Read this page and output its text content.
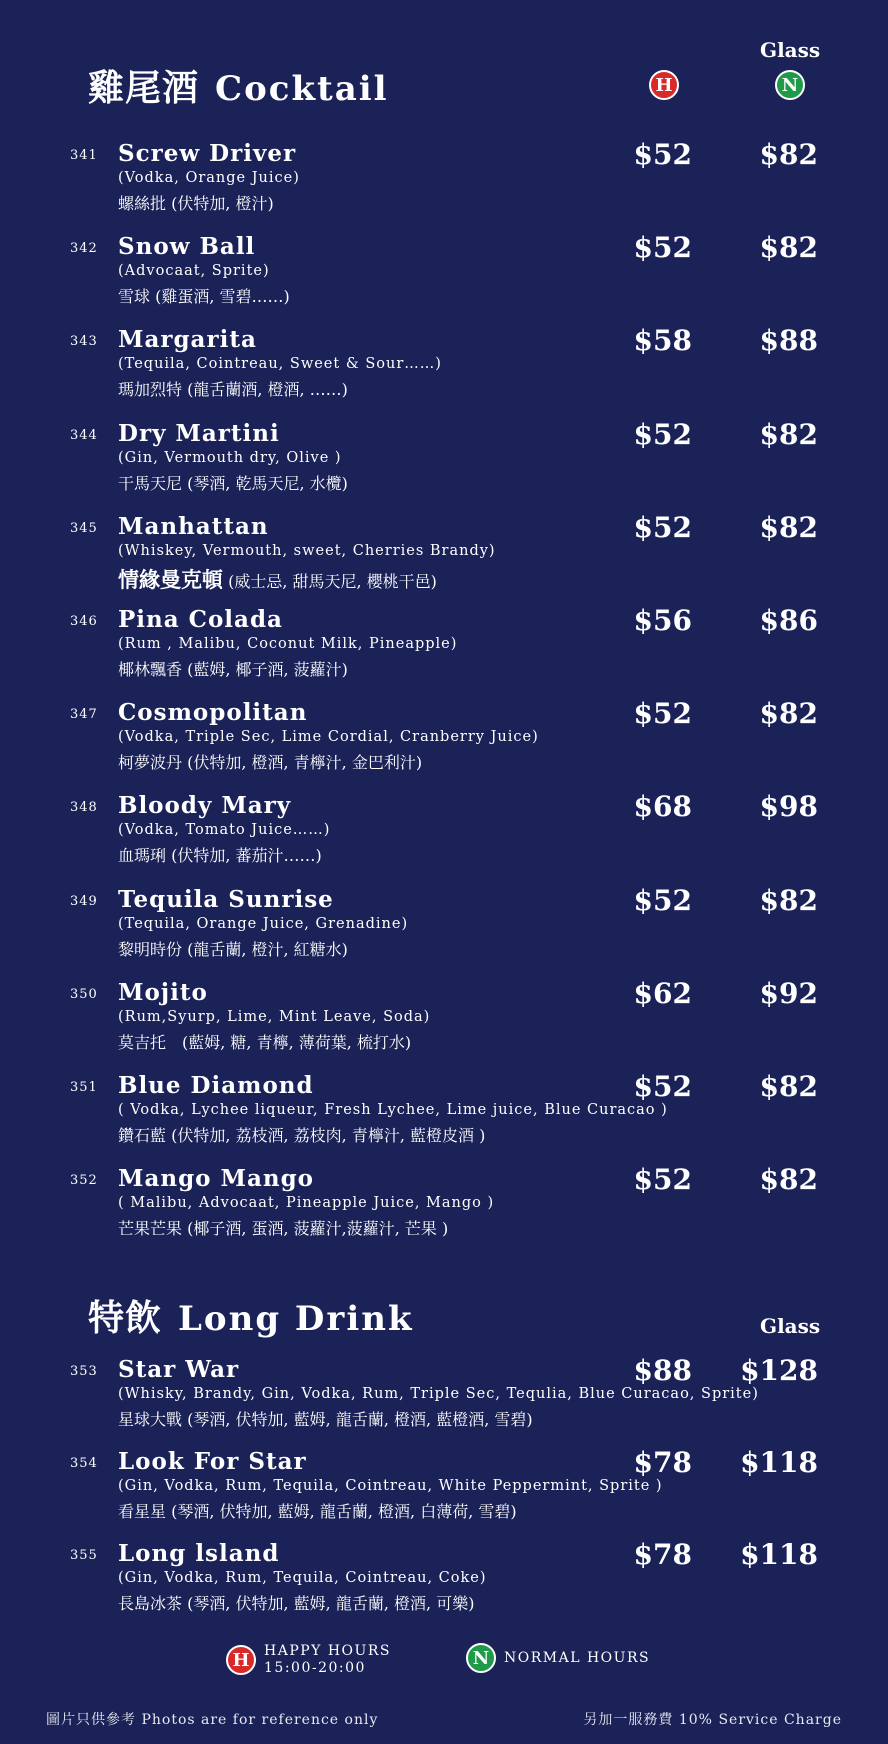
雞尾酒 Cocktail
Glass
H	N
341 Screw Driver
(Vodka, Orange Juice)
螺絲批 (伏特加, 橙汁)
$52 $82
342 Snow Ball
(Advocaat, Sprite)
雪球 (雞蛋酒, 雪碧……)
$52 $82
343 Margarita
(Tequila, Cointreau, Sweet & Sour……)
瑪加烈特 (龍舌蘭酒, 橙酒, ……)
$58 $88
344 Dry Martini
(Gin, Vermouth dry, Olive )
干馬天尼 (琴酒, 乾馬天尼, 水欖)
$52 $82
345 Manhattan
(Whiskey, Vermouth, sweet, Cherries Brandy)
情緣曼克頓 (威士忌, 甜馬天尼, 櫻桃干邑)
$52 $82
346 Pina Colada
(Rum , Malibu, Coconut Milk, Pineapple)
椰林飄香 (藍姆, 椰子酒, 菠蘿汁)
$56 $86
347 Cosmopolitan
(Vodka, Triple Sec, Lime Cordial, Cranberry Juice)
柯夢波丹 (伏特加, 橙酒, 青檸汁, 金巴利汁)
$52 $82
348 Bloody Mary
(Vodka, Tomato Juice……)
血瑪琍 (伏特加, 蕃茄汁……)
$68 $98
349 Tequila Sunrise
(Tequila, Orange Juice, Grenadine)
黎明時份 (龍舌蘭, 橙汁, 紅糖水)
$52 $82
350 Mojito
(Rum,Syurp, Lime, Mint Leave, Soda)
莫吉托　(藍姆, 糖, 青檸, 薄荷葉, 梳打水)
$62 $92
351 Blue Diamond
( Vodka, Lychee liqueur, Fresh Lychee, Lime juice, Blue Curacao )
鑽石藍 (伏特加, 荔枝酒, 荔枝肉, 青檸汁, 藍橙皮酒 )
$52 $82
352 Mango Mango
( Malibu, Advocaat, Pineapple Juice, Mango )
芒果芒果 (椰子酒, 蛋酒, 菠蘿汁,菠蘿汁, 芒果 )
$52 $82
特飲 Long Drink	Glass
353 Star War
(Whisky, Brandy, Gin, Vodka, Rum, Triple Sec, Tequlia, Blue Curacao, Sprite)
星球大戰 (琴酒, 伏特加, 藍姆, 龍舌蘭, 橙酒, 藍橙酒, 雪碧)
$88 $128
354 Look For Star
(Gin, Vodka, Rum, Tequila, Cointreau, White Peppermint, Sprite )
看星星 (琴酒, 伏特加, 藍姆, 龍舌蘭, 橙酒, 白薄荷, 雪碧)
$78 $118
355 Long lsland
(Gin, Vodka, Rum, Tequila, Cointreau, Coke)
長島冰茶 (琴酒, 伏特加, 藍姆, 龍舌蘭, 橙酒, 可樂)
$78 $118
H HAPPY HOURS
15:00-20:00	N NORMAL HOURS
圖片只供參考 Photos are for reference only	另加一服務費 10% Service Charge
